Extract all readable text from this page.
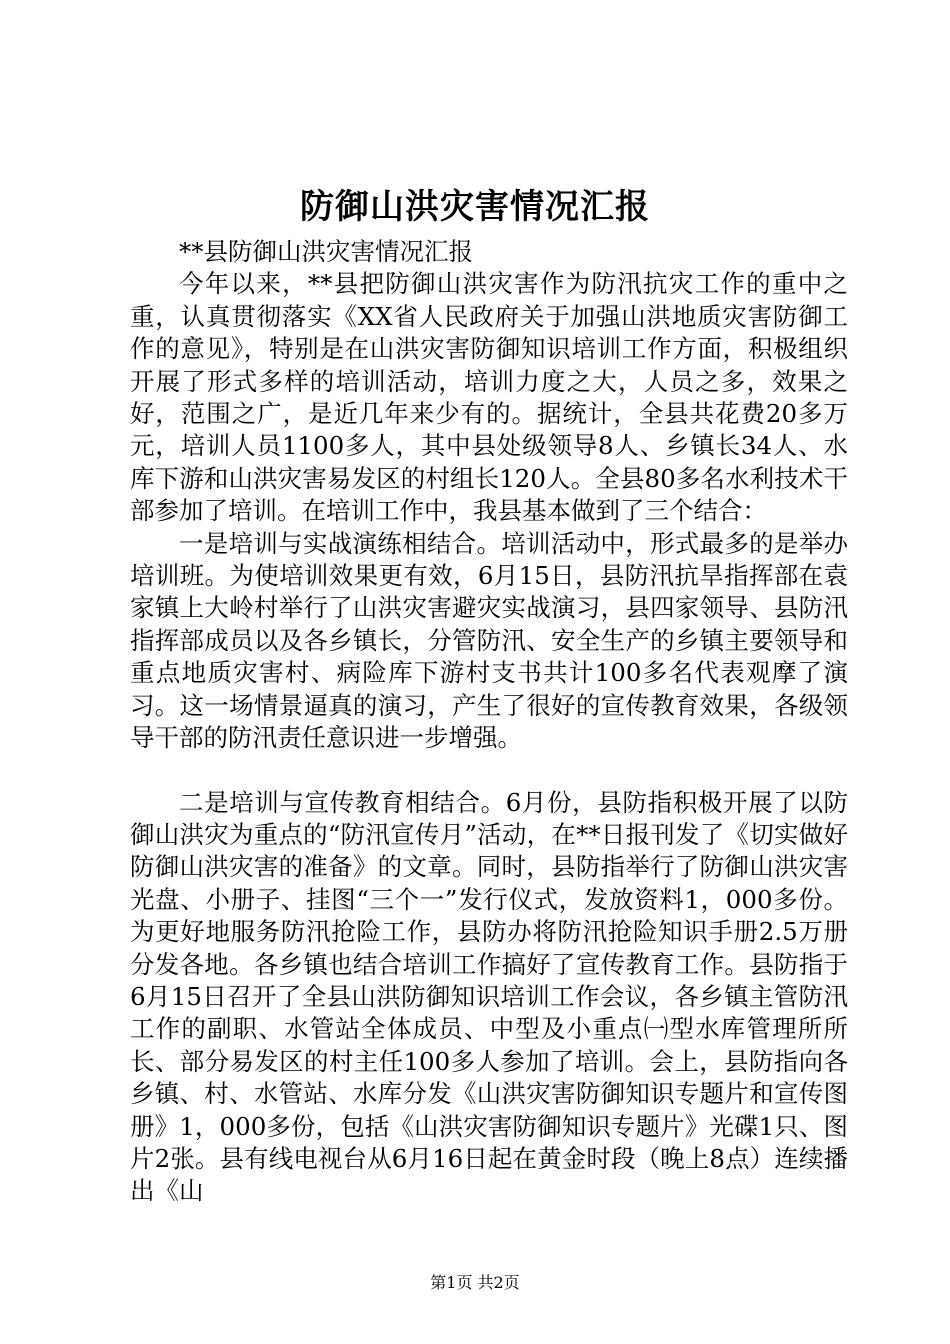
防御山洪灾害情况汇报

**县防御山洪灾害情况汇报

今年以来，**县把防御山洪灾害作为防汛抗灾工作的重中之重，认真贯彻落实《XX省人民政府关于加强山洪地质灾害防御工作的意见》，特别是在山洪灾害防御知识培训工作方面，积极组织开展了形式多样的培训活动，培训力度之大，人员之多，效果之好，范围之广，是近几年来少有的。据统计，全县共花费20多万元，培训人员1100多人，其中县处级领导8人、乡镇长34人、水库下游和山洪灾害易发区的村组长120人。全县80多名水利技术干部参加了培训。在培训工作中，我县基本做到了三个结合：

一是培训与实战演练相结合。培训活动中，形式最多的是举办培训班。为使培训效果更有效，6月15日，县防汛抗旱指挥部在袁家镇上大岭村举行了山洪灾害避灾实战演习，县四家领导、县防汛指挥部成员以及各乡镇长，分管防汛、安全生产的乡镇主要领导和重点地质灾害村、病险库下游村支书共计100多名代表观摩了演习。这一场情景逼真的演习，产生了很好的宣传教育效果，各级领导干部的防汛责任意识进一步增强。

二是培训与宣传教育相结合。6月份，县防指积极开展了以防御山洪灾为重点的“防汛宣传月”活动，在**日报刊发了《切实做好防御山洪灾害的准备》的文章。同时，县防指举行了防御山洪灾害光盘、小册子、挂图“三个一”发行仪式，发放资料1，000多份。为更好地服务防汛抢险工作，县防办将防汛抢险知识手册2.5万册分发各地。各乡镇也结合培训工作搞好了宣传教育工作。县防指于6月15日召开了全县山洪防御知识培训工作会议，各乡镇主管防汛工作的副职、水管站全体成员、中型及小重点㈠型水库管理所所长、部分易发区的村主任100多人参加了培训。会上，县防指向各乡镇、村、水管站、水库分发《山洪灾害防御知识专题片和宣传图册》1，000多份，包括《山洪灾害防御知识专题片》光碟1只、图片2张。县有线电视台从6月16日起在黄金时段（晚上8点）连续播出《山

第1页 共2页
